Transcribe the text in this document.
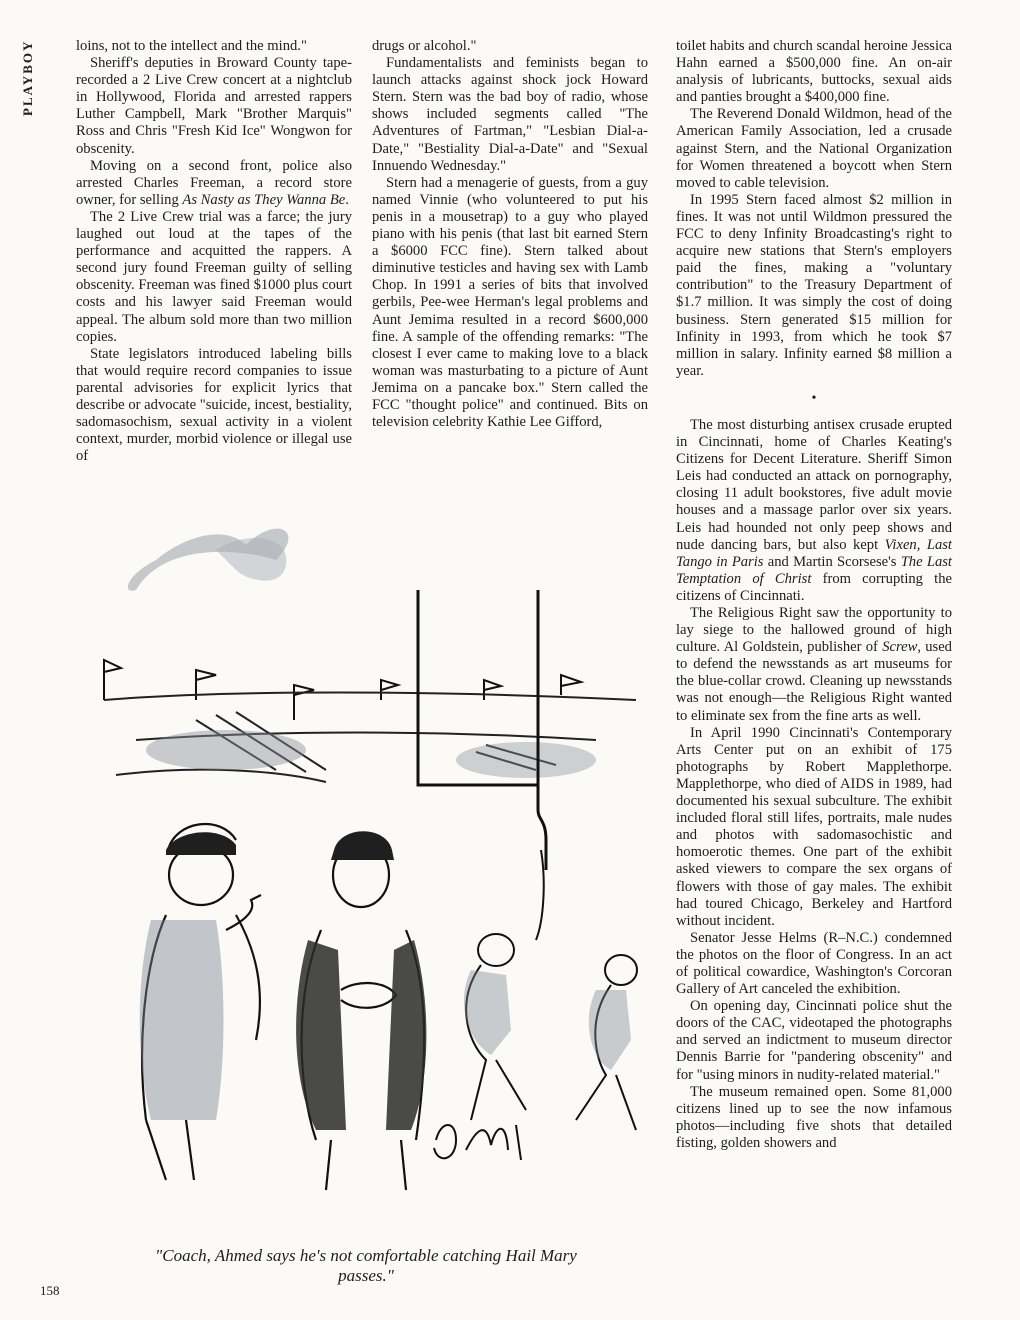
PLAYBOY	loins, not to the intellect and the mind."

Sheriff's deputies in Broward County tape-recorded a 2 Live Crew concert at a nightclub in Hollywood, Florida and arrested rappers Luther Campbell, Mark "Brother Marquis" Ross and Chris "Fresh Kid Ice" Wongwon for obscenity.

Moving on a second front, police also arrested Charles Freeman, a record store owner, for selling As Nasty as They Wanna Be.

The 2 Live Crew trial was a farce; the jury laughed out loud at the tapes of the performance and acquitted the rappers. A second jury found Freeman guilty of selling obscenity. Freeman was fined $1000 plus court costs and his lawyer said Freeman would appeal. The album sold more than two million copies.

State legislators introduced labeling bills that would require record companies to issue parental advisories for explicit lyrics that describe or advocate "suicide, incest, bestiality, sadomasochism, sexual activity in a violent context, murder, morbid violence or illegal use of

drugs or alcohol."

Fundamentalists and feminists began to launch attacks against shock jock Howard Stern. Stern was the bad boy of radio, whose shows included segments called "The Adventures of Fartman," "Lesbian Dial-a-Date," "Bestiality Dial-a-Date" and "Sexual Innuendo Wednesday."

Stern had a menagerie of guests, from a guy named Vinnie (who volunteered to put his penis in a mousetrap) to a guy who played piano with his penis (that last bit earned Stern a $6000 FCC fine). Stern talked about diminutive testicles and having sex with Lamb Chop. In 1991 a series of bits that involved gerbils, Pee-wee Herman's legal problems and Aunt Jemima resulted in a record $600,000 fine. A sample of the offending remarks: "The closest I ever came to making love to a black woman was masturbating to a picture of Aunt Jemima on a pancake box." Stern called the FCC "thought police" and continued. Bits on television celebrity Kathie Lee Gifford,

toilet habits and church scandal heroine Jessica Hahn earned a $500,000 fine. An on-air analysis of lubricants, buttocks, sexual aids and panties brought a $400,000 fine.

The Reverend Donald Wildmon, head of the American Family Association, led a crusade against Stern, and the National Organization for Women threatened a boycott when Stern moved to cable television.

In 1995 Stern faced almost $2 million in fines. It was not until Wildmon pressured the FCC to deny Infinity Broadcasting's right to acquire new stations that Stern's employers paid the fines, making a "voluntary contribution" to the Treasury Department of $1.7 million. It was simply the cost of doing business. Stern generated $15 million for Infinity in 1993, from which he took $7 million in salary. Infinity earned $8 million a year.

•

The most disturbing antisex crusade erupted in Cincinnati, home of Charles Keating's Citizens for Decent Literature. Sheriff Simon Leis had conducted an attack on pornography, closing 11 adult bookstores, five adult movie houses and a massage parlor over six years. Leis had hounded not only peep shows and nude dancing bars, but also kept Vixen, Last Tango in Paris and Martin Scorsese's The Last Temptation of Christ from corrupting the citizens of Cincinnati.

The Religious Right saw the opportunity to lay siege to the hallowed ground of high culture. Al Goldstein, publisher of Screw, used to defend the newsstands as art museums for the blue-collar crowd. Cleaning up newsstands was not enough—the Religious Right wanted to eliminate sex from the fine arts as well.

In April 1990 Cincinnati's Contemporary Arts Center put on an exhibit of 175 photographs by Robert Mapplethorpe. Mapplethorpe, who died of AIDS in 1989, had documented his sexual subculture. The exhibit included floral still lifes, portraits, male nudes and photos with sadomasochistic and homoerotic themes. One part of the exhibit asked viewers to compare the sex organs of flowers with those of gay males. The exhibit had toured Chicago, Berkeley and Hartford without incident.

Senator Jesse Helms (R–N.C.) condemned the photos on the floor of Congress. In an act of political cowardice, Washington's Corcoran Gallery of Art canceled the exhibition.

On opening day, Cincinnati police shut the doors of the CAC, videotaped the photographs and served an indictment to museum director Dennis Barrie for "pandering obscenity" and for "using minors in nudity-related material."

The museum remained open. Some 81,000 citizens lined up to see the now infamous photos—including five shots that detailed fisting, golden showers and

"Coach, Ahmed says he's not comfortable catching Hail Mary passes."
158
